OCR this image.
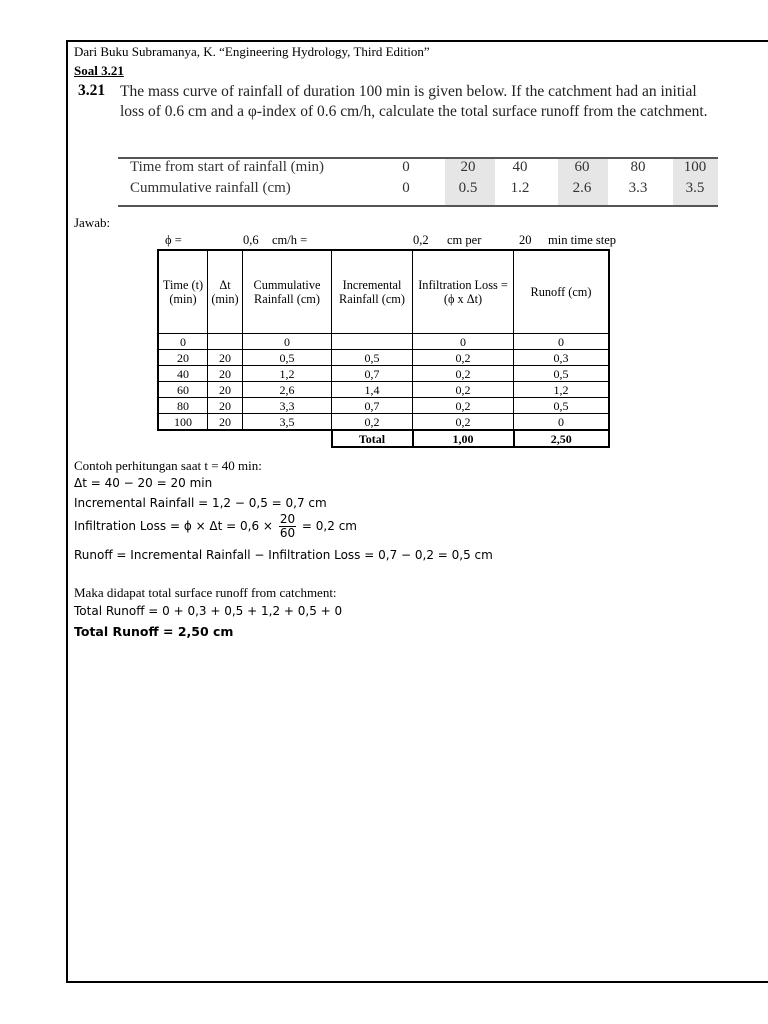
Dari Buku Subramanya, K. “Engineering Hydrology, Third Edition”
Soal 3.21
3.21 The mass curve of rainfall of duration 100 min is given below. If the catchment had an initial loss of 0.6 cm and a φ-index of 0.6 cm/h, calculate the total surface runoff from the catchment.
Time from start of rainfall (min)	0	20	40	60	80	100
Cummulative rainfall (cm)	0	0.5	1.2	2.6	3.3	3.5
Jawab:
ϕ =	0,6 cm/h =	0,2 cm per	20 min time step
Time (t) (min)	Δt (min)	Cummulative Rainfall (cm)	Incremental Rainfall (cm)	Infiltration Loss = (ϕ x Δt)	Runoff (cm)
0		0		0	0
20	20	0,5	0,5	0,2	0,3
40	20	1,2	0,7	0,2	0,5
60	20	2,6	1,4	0,2	1,2
80	20	3,3	0,7	0,2	0,5
100	20	3,5	0,2	0,2	0
			Total	1,00	2,50
Contoh perhitungan saat t = 40 min:
Δt = 40 − 20 = 20 min
Incremental Rainfall = 1,2 − 0,5 = 0,7 cm
Infiltration Loss = $\phi \times \Delta t = 0,6 \times \frac{20}{60} = 0,2$ cm
Runoff = Incremental Rainfall − Infiltration Loss = 0,7 − 0,2 = 0,5 cm
Maka didapat total surface runoff from catchment:
Total Runoff = 0 + 0,3 + 0,5 + 1,2 + 0,5 + 0
Total Runoff = 2,50 cm
